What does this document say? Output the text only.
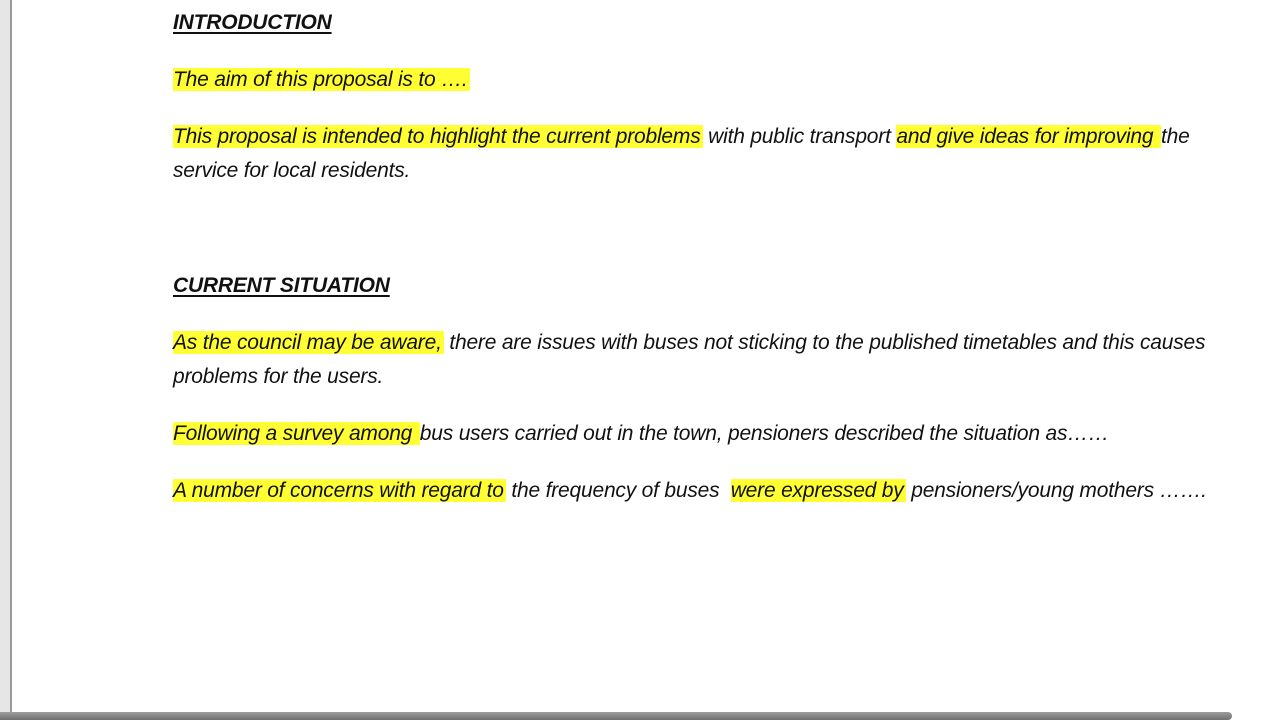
INTRODUCTION

The aim of this proposal is to ….

This proposal is intended to highlight the current problems with public transport and give ideas for improving the service for local residents.

CURRENT SITUATION

As the council may be aware, there are issues with buses not sticking to the published timetables and this causes problems for the users.

Following a survey among bus users carried out in the town, pensioners described the situation as……

A number of concerns with regard to the frequency of buses  were expressed by pensioners/young mothers …….
